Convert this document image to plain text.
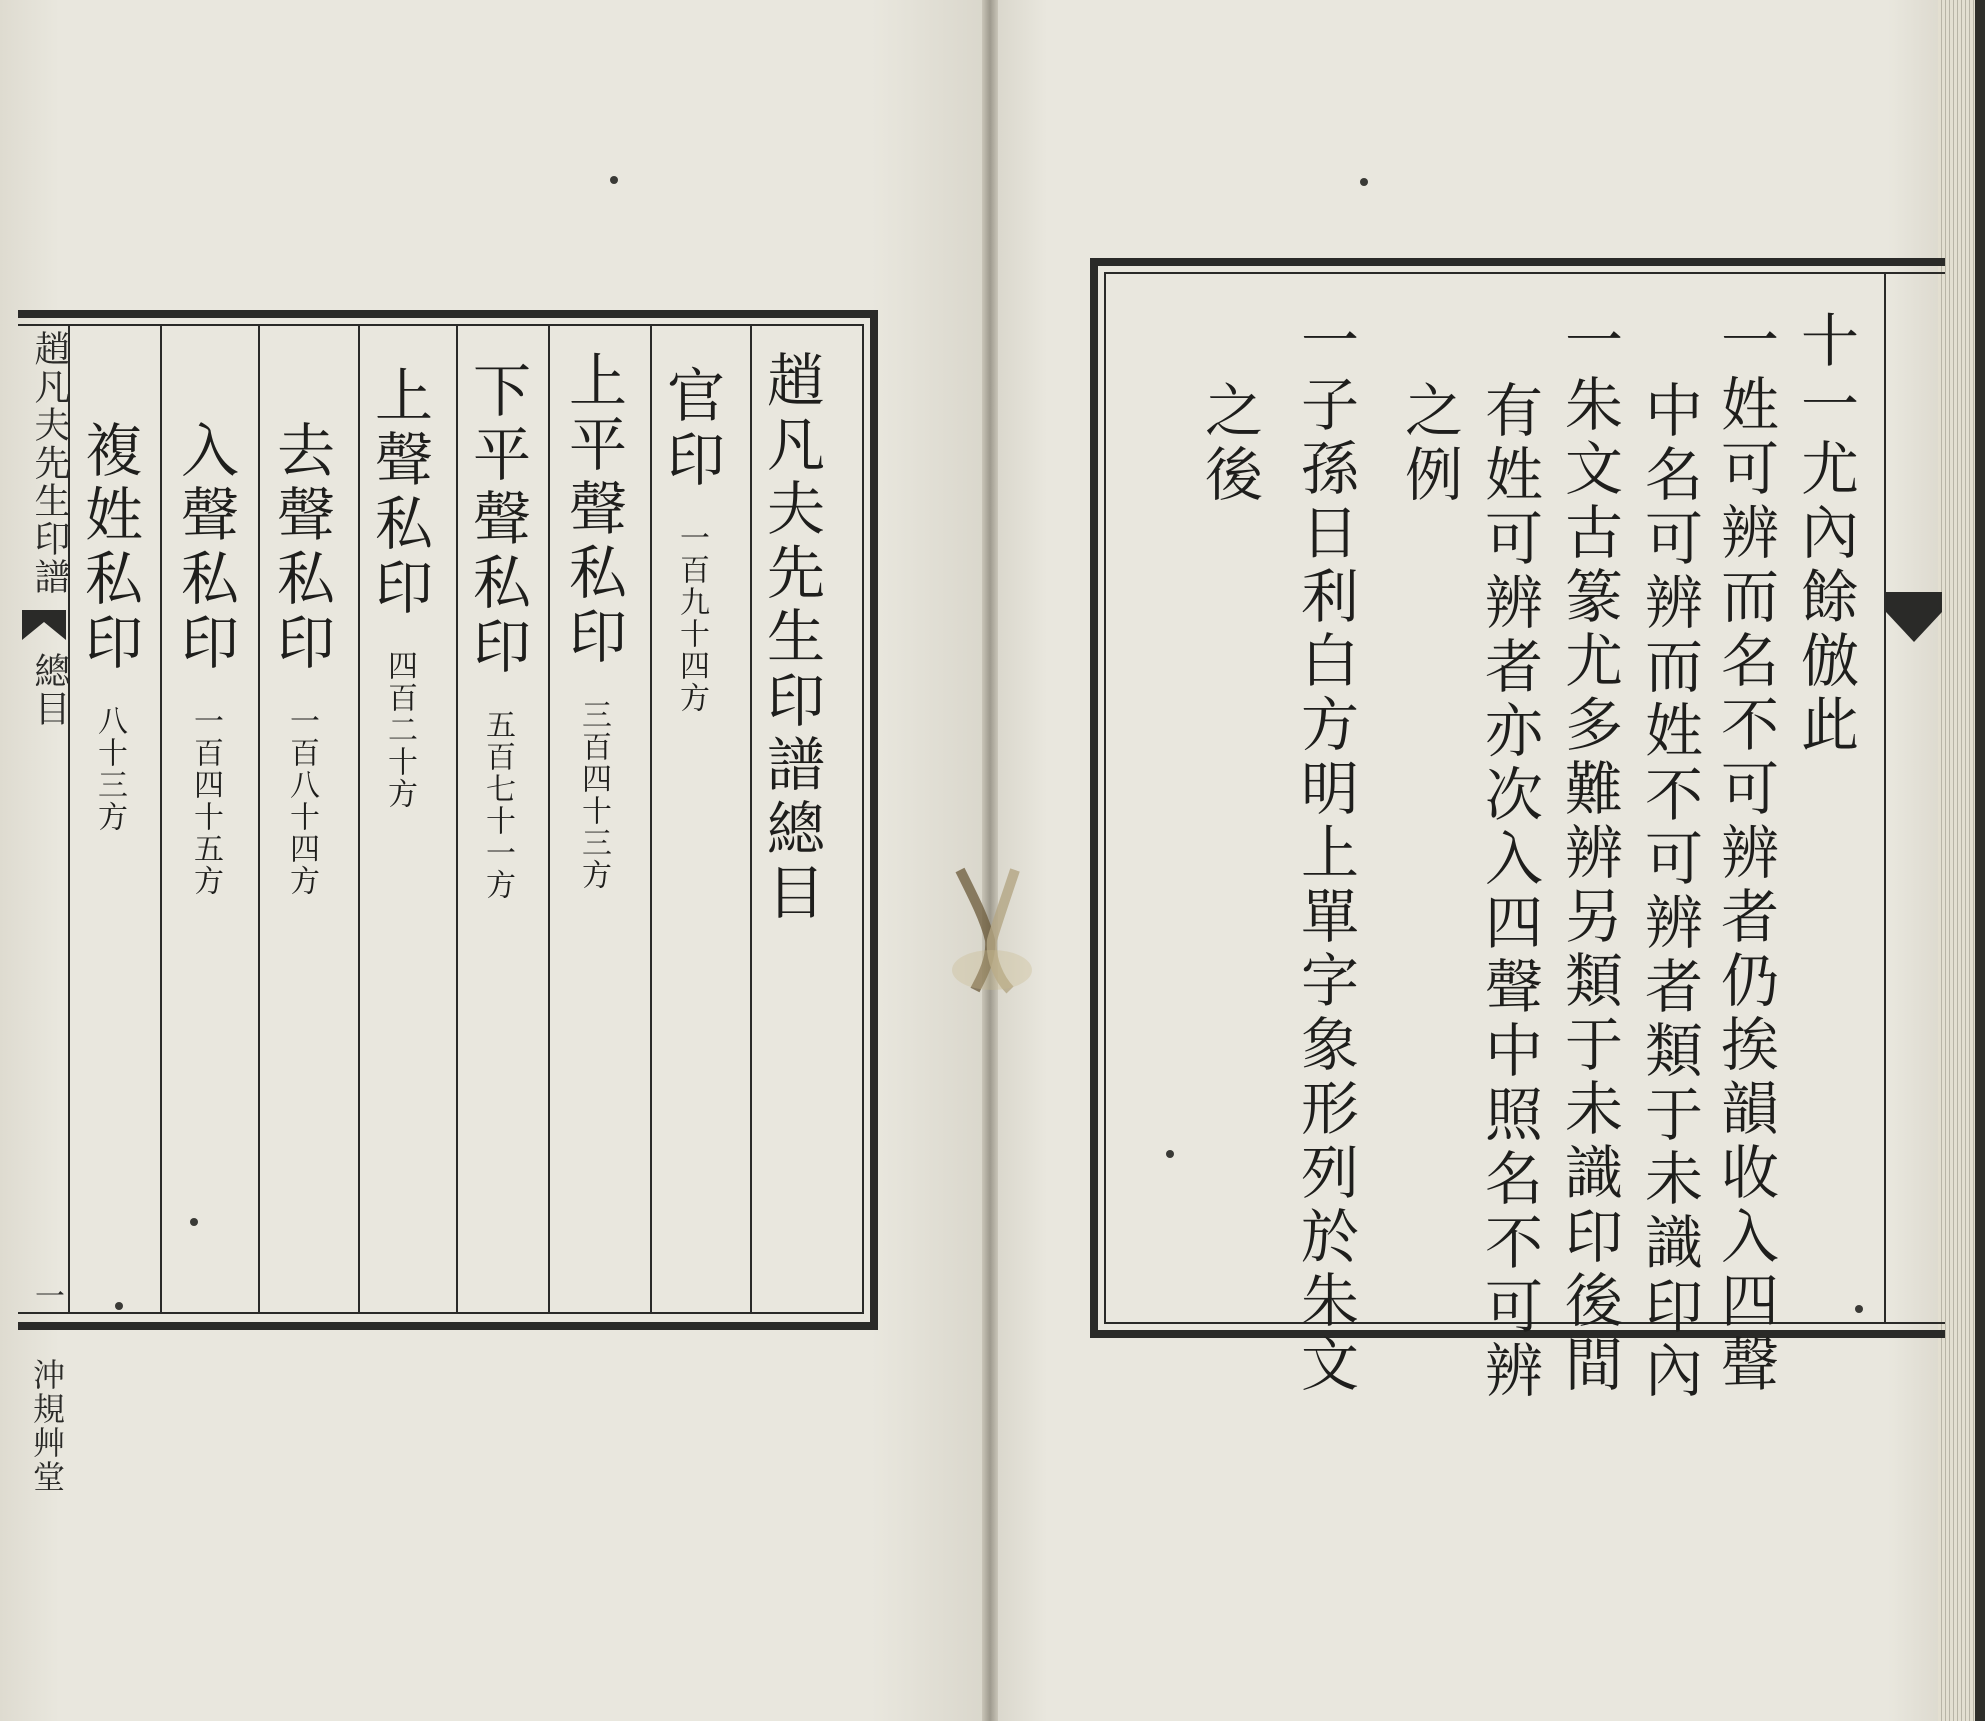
趙凡夫先生印譜
總目
一
沖規艸堂
趙凡夫先生印譜總目
官印 一百九十四方
上平聲私印 三百四十三方
下平聲私印 五百七十一方
上聲私印 四百二十方
去聲私印 一百八十四方
入聲私印 一百四十五方
複姓私印 八十三方
十一尤內餘倣此
一姓可辨而名不可辨者仍挨韻收入四聲
中名可辨而姓不可辨者類于未識印內
一朱文古篆尤多難辨另類于未識印後間
有姓可辨者亦次入四聲中照名不可辨
之例
一子孫日利白方明上單字象形列於朱文
之後
